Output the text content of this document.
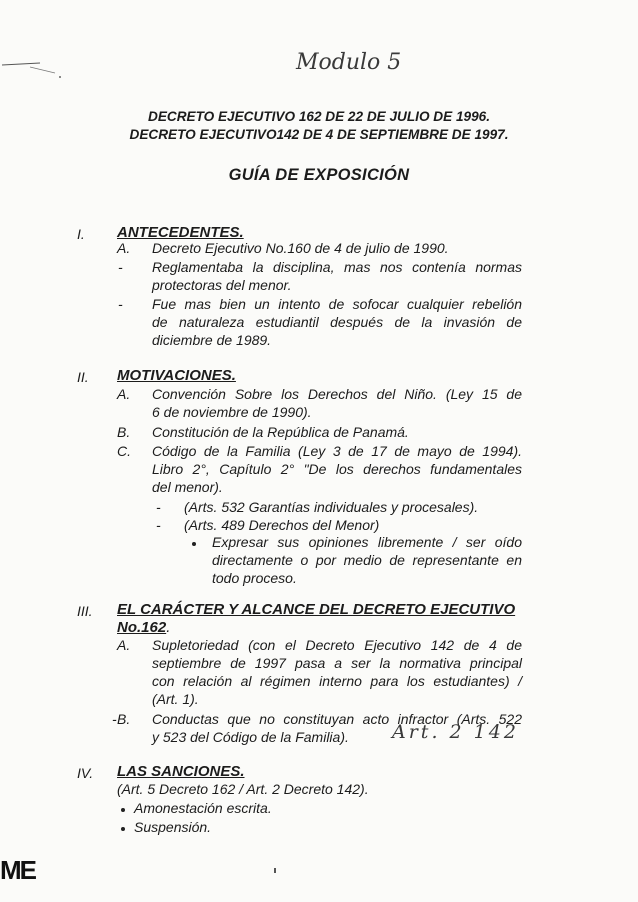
Modulo 5
DECRETO EJECUTIVO 162 DE 22 DE JULIO DE 1996.
DECRETO EJECUTIVO142 DE 4 DE SEPTIEMBRE DE 1997.
GUÍA DE EXPOSICIÓN
I. ANTECEDENTES.
A. Decreto Ejecutivo No.160 de 4 de julio de 1990.
- Reglamentaba la disciplina, mas nos contenía normas
protectoras del menor.
- Fue mas bien un intento de sofocar cualquier rebelión
de naturaleza estudiantil después de la invasión de
diciembre de 1989.
II. MOTIVACIONES.
A. Convención Sobre los Derechos del Niño. (Ley 15 de
6 de noviembre de 1990).
B. Constitución de la República de Panamá.
C. Código de la Familia (Ley 3 de 17 de mayo de 1994).
Libro 2°, Capítulo 2° "De los derechos fundamentales
del menor).
- (Arts. 532 Garantías individuales y procesales).
- (Arts. 489 Derechos del Menor)
Expresar sus opiniones libremente / ser oído
directamente o por medio de representante en
todo proceso.
III. EL CARÁCTER Y ALCANCE DEL DECRETO EJECUTIVO
No.162.
A. Supletoriedad (con el Decreto Ejecutivo 142 de 4 de
septiembre de 1997 pasa a ser la normativa principal
con relación al régimen interno para los estudiantes) /
(Art. 1).
- B. Conductas que no constituyan acto infractor (Arts. 522
y 523 del Código de la Familia). Art. 2 142
IV. LAS SANCIONES.
(Art. 5 Decreto 162 / Art. 2 Decreto 142).
Amonestación escrita.
Suspensión.
ME
